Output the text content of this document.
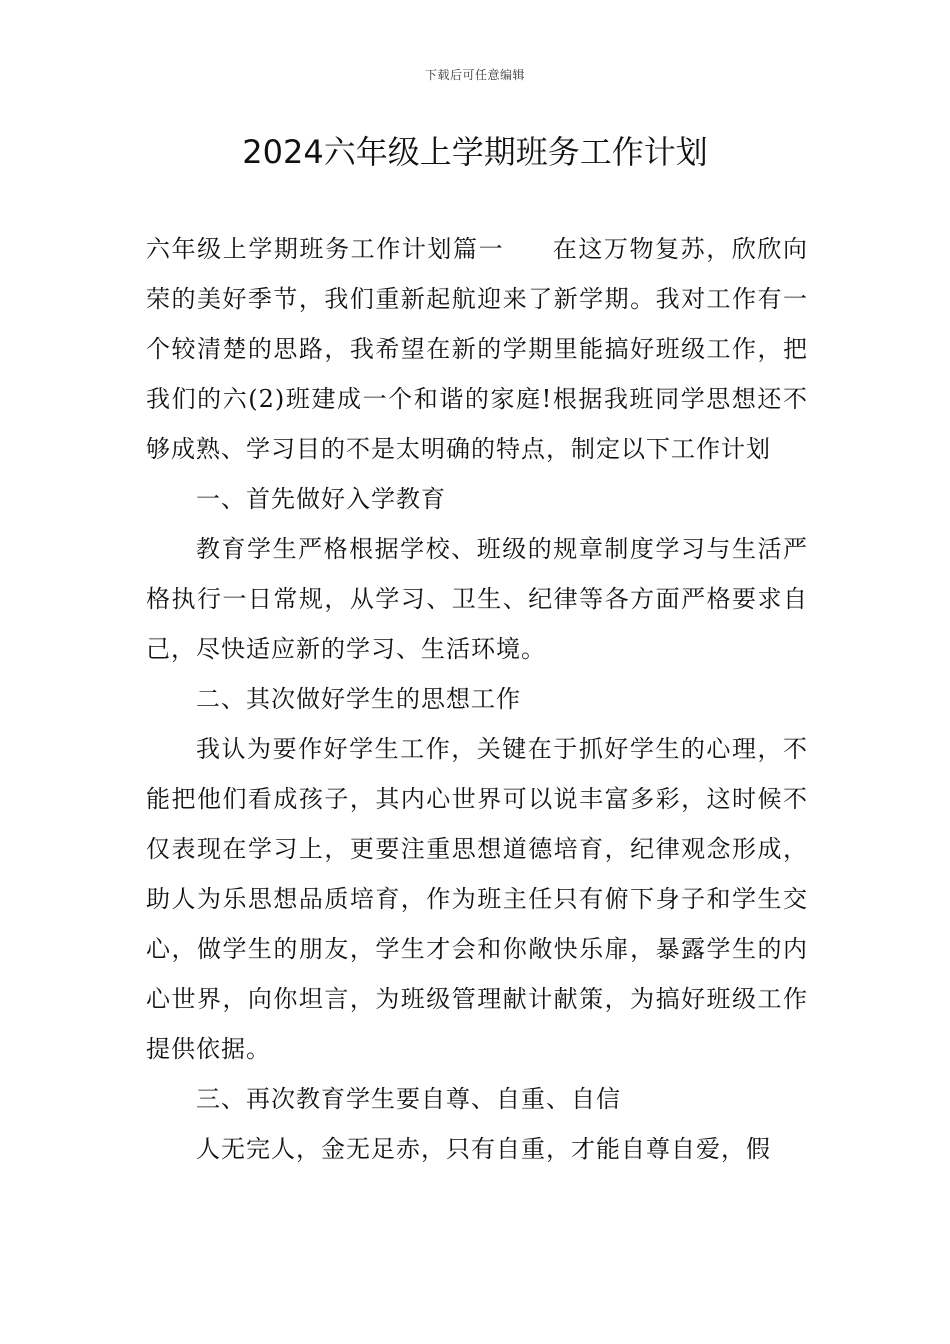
下载后可任意编辑
2024六年级上学期班务工作计划

六年级上学期班务工作计划篇一 在这万物复苏，欣欣向荣的美好季节，我们重新起航迎来了新学期。我对工作有一个较清楚的思路，我希望在新的学期里能搞好班级工作，把我们的六(2)班建成一个和谐的家庭!根据我班同学思想还不够成熟、学习目的不是太明确的特点，制定以下工作计划

一、首先做好入学教育

教育学生严格根据学校、班级的规章制度学习与生活严格执行一日常规，从学习、卫生、纪律等各方面严格要求自己，尽快适应新的学习、生活环境。

二、其次做好学生的思想工作

我认为要作好学生工作，关键在于抓好学生的心理，不能把他们看成孩子，其内心世界可以说丰富多彩，这时候不仅表现在学习上，更要注重思想道德培育，纪律观念形成，助人为乐思想品质培育，作为班主任只有俯下身子和学生交心，做学生的朋友，学生才会和你敞快乐扉，暴露学生的内心世界，向你坦言，为班级管理献计献策，为搞好班级工作提供依据。

三、再次教育学生要自尊、自重、自信

人无完人，金无足赤，只有自重，才能自尊自爱，假
